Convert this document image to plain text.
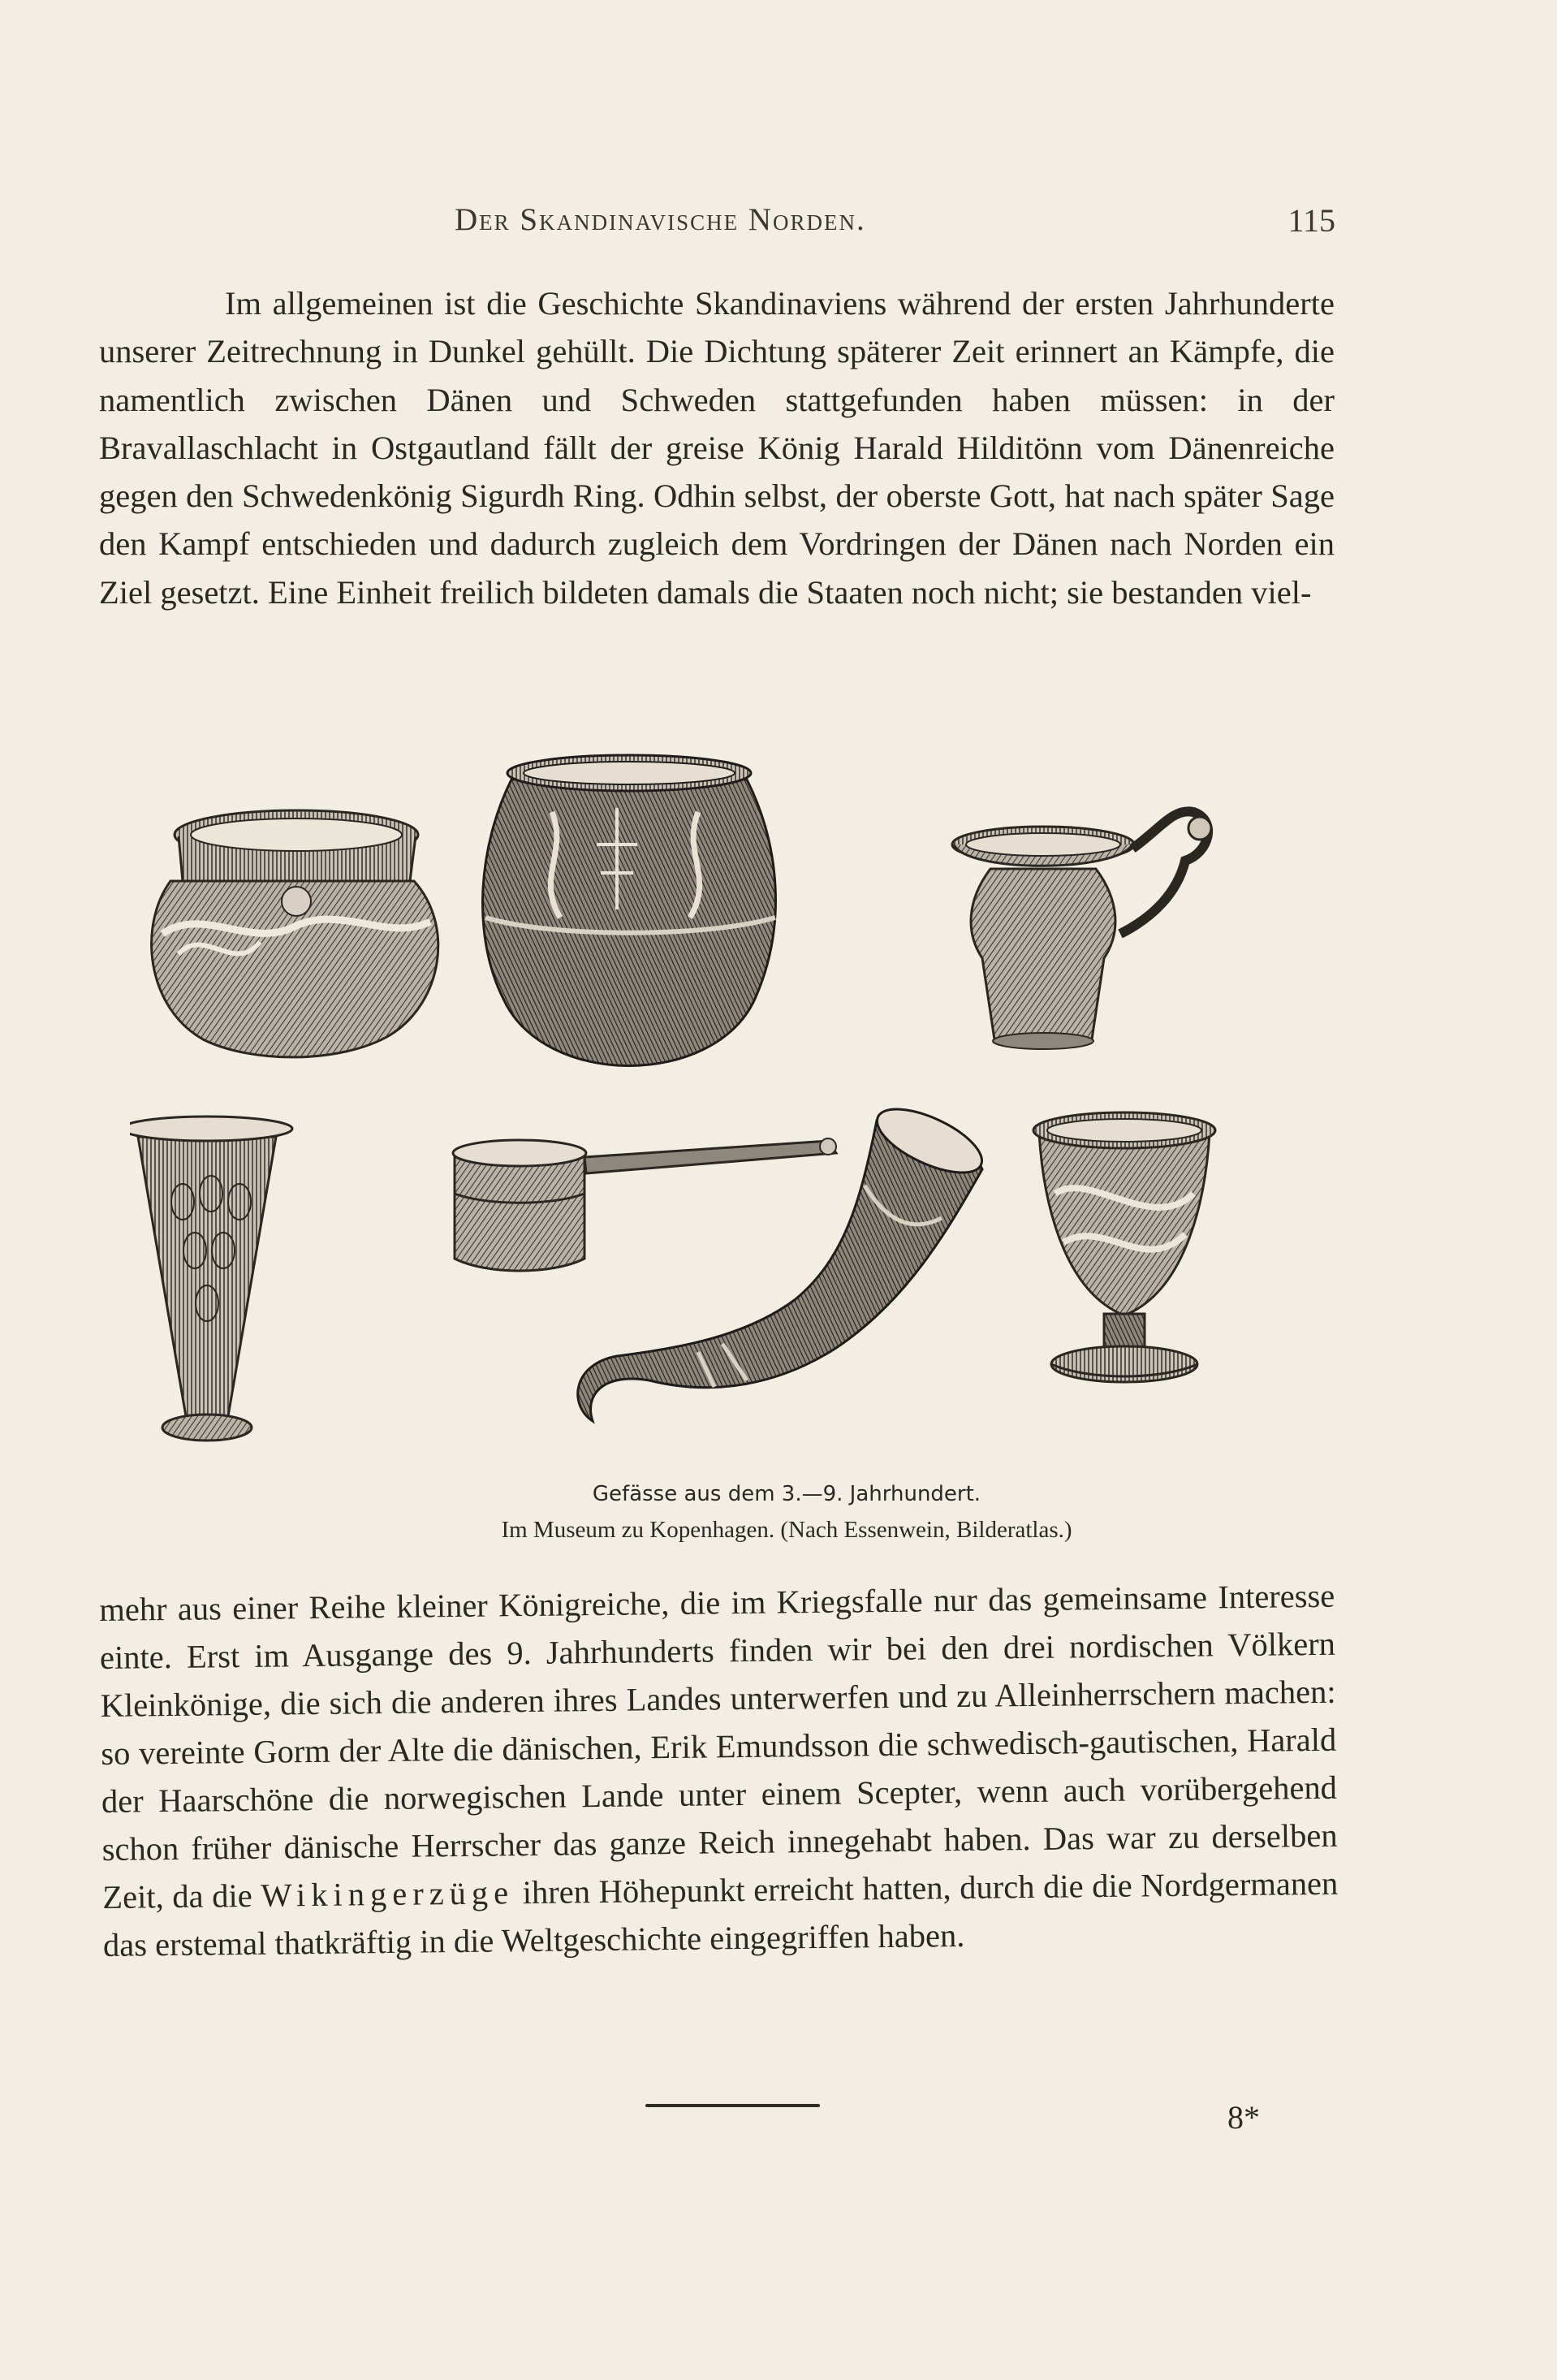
Der Skandinavische Norden.	115

Im allgemeinen ist die Geschichte Skandinaviens während der ersten Jahrhunderte unserer Zeitrechnung in Dunkel gehüllt. Die Dichtung späterer Zeit erinnert an Kämpfe, die namentlich zwischen Dänen und Schweden stattgefunden haben müssen: in der Bravallaschlacht in Ostgautland fällt der greise König Harald Hilditönn vom Dänenreiche gegen den Schwedenkönig Sigurdh Ring. Odhin selbst, der oberste Gott, hat nach später Sage den Kampf entschieden und dadurch zugleich dem Vordringen der Dänen nach Norden ein Ziel gesetzt. Eine Einheit freilich bildeten damals die Staaten noch nicht; sie bestanden viel-

Gefässe aus dem 3.—9. Jahrhundert.
Im Museum zu Kopenhagen. (Nach Essenwein, Bilderatlas.)

mehr aus einer Reihe kleiner Königreiche, die im Kriegsfalle nur das gemeinsame Interesse einte. Erst im Ausgange des 9. Jahrhunderts finden wir bei den drei nordischen Völkern Kleinkönige, die sich die anderen ihres Landes unterwerfen und zu Alleinherrschern machen: so vereinte Gorm der Alte die dänischen, Erik Emundsson die schwedisch-gautischen, Harald der Haarschöne die norwegischen Lande unter einem Scepter, wenn auch vorübergehend schon früher dänische Herrscher das ganze Reich innegehabt haben. Das war zu derselben Zeit, da die Wikingerzüge ihren Höhepunkt erreicht hatten, durch die die Nordgermanen das erstemal thatkräftig in die Weltgeschichte eingegriffen haben.

8*
